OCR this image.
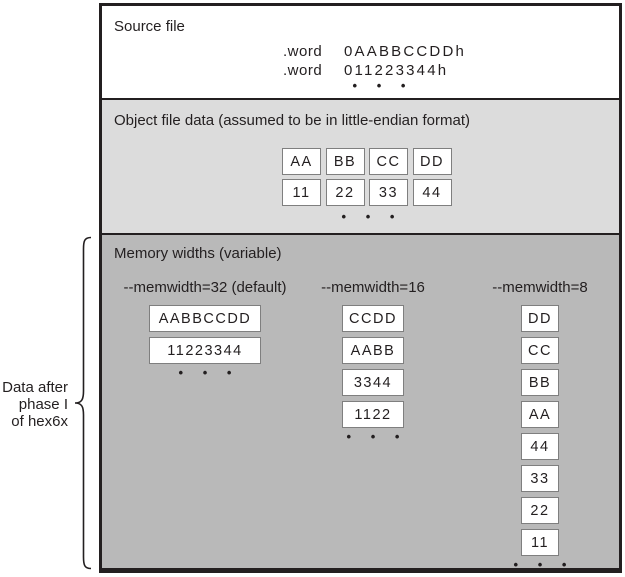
Data after
phase I
of hex6x
Source file
.word	0AABBCCDDh
.word	011223344h
• • •
Object file data (assumed to be in little-endian format)
AA	BB	CC	DD
11	22	33	44
• • •
Memory widths (variable)
--memwidth=32 (default)
AABBCCDD
11223344
• • •
--memwidth=16
CCDD
AABB
3344
1122
• • •
--memwidth=8
DD
CC
BB
AA
44
33
22
11
• • •
